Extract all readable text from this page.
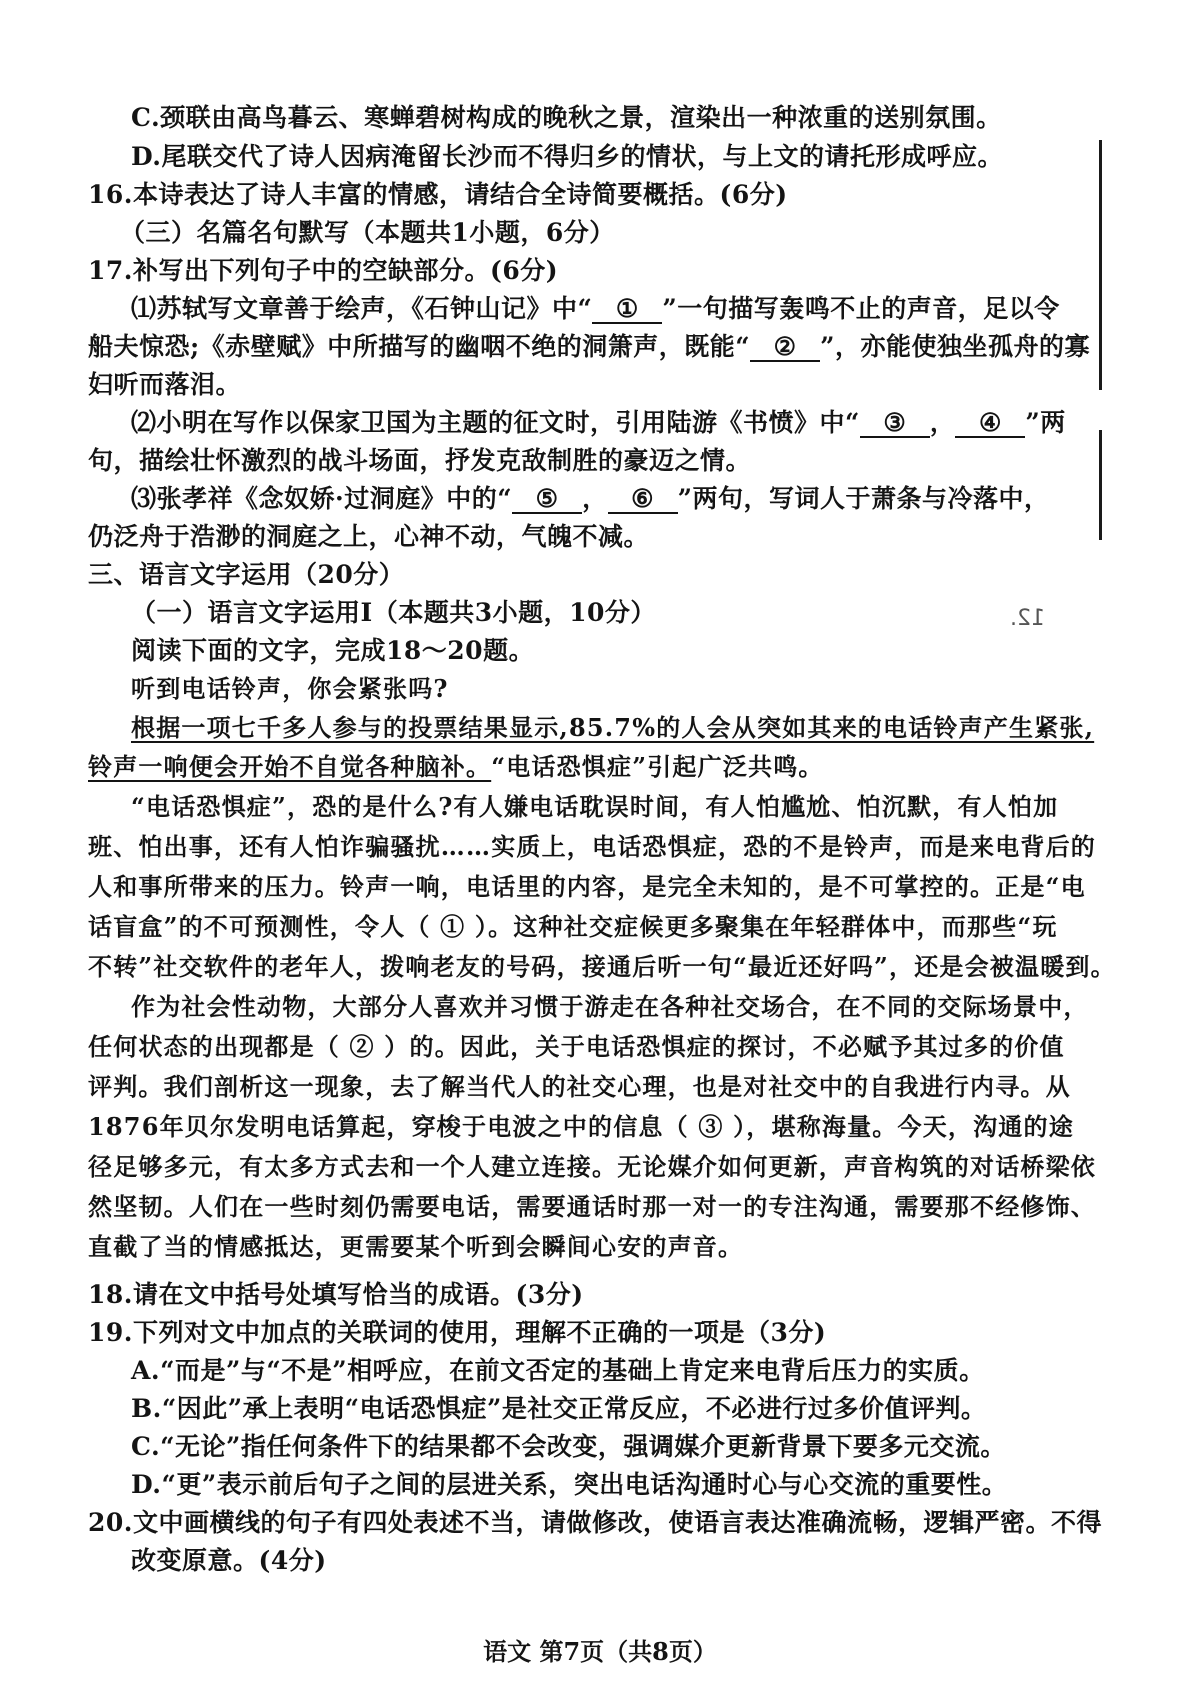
C.颈联由高鸟暮云、寒蝉碧树构成的晚秋之景，渲染出一种浓重的送别氛围。
D.尾联交代了诗人因病淹留长沙而不得归乡的情状，与上文的请托形成呼应。
16.本诗表达了诗人丰富的情感，请结合全诗简要概括。(6分)
（三）名篇名句默写（本题共1小题，6分）
17.补写出下列句子中的空缺部分。(6分)
⑴苏轼写文章善于绘声，《石钟山记》中“ ① ”一句描写轰鸣不止的声音，足以令
船夫惊恐;《赤壁赋》中所描写的幽咽不绝的洞箫声，既能“ ② ”，亦能使独坐孤舟的寡
妇听而落泪。
⑵小明在写作以保家卫国为主题的征文时，引用陆游《书愤》中“ ③ ， ④ ”两
句，描绘壮怀激烈的战斗场面，抒发克敌制胜的豪迈之情。
⑶张孝祥《念奴娇·过洞庭》中的“ ⑤ ， ⑥ ”两句，写词人于萧条与冷落中，
仍泛舟于浩渺的洞庭之上，心神不动，气魄不减。
三、语言文字运用（20分）
（一）语言文字运用Ⅰ（本题共3小题，10分）	12.
阅读下面的文字，完成18～20题。
听到电话铃声，你会紧张吗?
根据一项七千多人参与的投票结果显示,85.7%的人会从突如其来的电话铃声产生紧张,
铃声一响便会开始不自觉各种脑补。“电话恐惧症”引起广泛共鸣。
“电话恐惧症”，恐的是什么?有人嫌电话耽误时间，有人怕尴尬、怕沉默，有人怕加
班、怕出事，还有人怕诈骗骚扰……实质上，电话恐惧症，恐的不是铃声，而是来电背后的
人和事所带来的压力。铃声一响，电话里的内容，是完全未知的，是不可掌控的。正是“电
话盲盒”的不可预测性，令人（ ① ）。这种社交症候更多聚集在年轻群体中，而那些“玩
不转”社交软件的老年人，拨响老友的号码，接通后听一句“最近还好吗”，还是会被温暖到。
作为社会性动物，大部分人喜欢并习惯于游走在各种社交场合，在不同的交际场景中，
任何状态的出现都是（ ② ）的。因此，关于电话恐惧症的探讨，不必赋予其过多的价值
评判。我们剖析这一现象，去了解当代人的社交心理，也是对社交中的自我进行内寻。从
1876年贝尔发明电话算起，穿梭于电波之中的信息（ ③ ），堪称海量。今天，沟通的途
径足够多元，有太多方式去和一个人建立连接。无论媒介如何更新，声音构筑的对话桥梁依
然坚韧。人们在一些时刻仍需要电话，需要通话时那一对一的专注沟通，需要那不经修饰、
直截了当的情感抵达，更需要某个听到会瞬间心安的声音。
18.请在文中括号处填写恰当的成语。(3分)
19.下列对文中加点的关联词的使用，理解不正确的一项是（3分)
A.“而是”与“不是”相呼应，在前文否定的基础上肯定来电背后压力的实质。
B.“因此”承上表明“电话恐惧症”是社交正常反应，不必进行过多价值评判。
C.“无论”指任何条件下的结果都不会改变，强调媒介更新背景下要多元交流。
D.“更”表示前后句子之间的层进关系，突出电话沟通时心与心交流的重要性。
20.文中画横线的句子有四处表述不当，请做修改，使语言表达准确流畅，逻辑严密。不得
改变原意。(4分)
语文 第7页（共8页）
